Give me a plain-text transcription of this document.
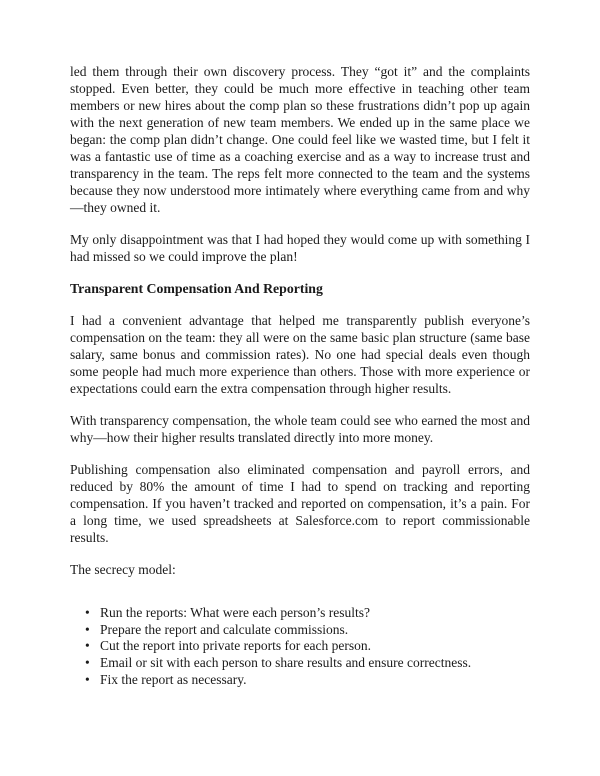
led them through their own discovery process. They “got it” and the complaints stopped. Even better, they could be much more effective in teaching other team members or new hires about the comp plan so these frustrations didn’t pop up again with the next generation of new team members. We ended up in the same place we began: the comp plan didn’t change. One could feel like we wasted time, but I felt it was a fantastic use of time as a coaching exercise and as a way to increase trust and transparency in the team. The reps felt more connected to the team and the systems because they now understood more intimately where everything came from and why—they owned it.

My only disappointment was that I had hoped they would come up with something I had missed so we could improve the plan!

Transparent Compensation And Reporting

I had a convenient advantage that helped me transparently publish everyone’s compensation on the team: they all were on the same basic plan structure (same base salary, same bonus and commission rates). No one had special deals even though some people had much more experience than others. Those with more experience or expectations could earn the extra compensation through higher results.

With transparency compensation, the whole team could see who earned the most and why—how their higher results translated directly into more money.

Publishing compensation also eliminated compensation and payroll errors, and reduced by 80% the amount of time I had to spend on tracking and reporting compensation. If you haven’t tracked and reported on compensation, it’s a pain. For a long time, we used spreadsheets at Salesforce.com to report commissionable results.

The secrecy model:

• Run the reports: What were each person’s results?
• Prepare the report and calculate commissions.
• Cut the report into private reports for each person.
• Email or sit with each person to share results and ensure correctness.
• Fix the report as necessary.
